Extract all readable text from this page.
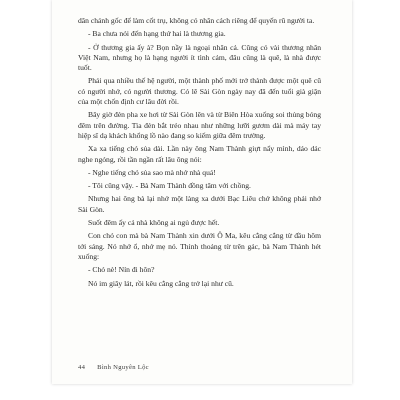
dân chánh gốc để làm cốt trụ, không có nhân cách riêng để quyến rũ người ta.

- Ba chưa nói đến hạng thứ hai là thương gia.

- Ở thương gia ấy à? Bọn nầy là ngoại nhân cả. Cũng có vài thương nhân Việt Nam, nhưng họ là hạng người ít tình cảm, đâu cũng là quê, là nhà được tuốt.

Phải qua nhiều thế hệ người, một thành phố mới trở thành được một quê cũ có người nhớ, có người thương. Có lẽ Sài Gòn ngày nay đã đến tuổi già giặn của một chốn định cư lâu đời rồi.

Bây giờ đèn pha xe hơi từ Sài Gòn lên và từ Biên Hòa xuống soi thủng bóng đêm trên đường. Tia đèn bắt tréo nhau như những lưỡi gươm dài mà máy tay hiệp sĩ dạ khách khổng lồ nào đang so kiếm giữa đêm trường.

Xa xa tiếng chó sủa dài. Lần này ông Nam Thành giựt nẩy mình, dáo dác nghe ngóng, rồi tần ngần rất lâu ông nói:

- Nghe tiếng chó sủa sao mà nhớ nhà quá!

- Tôi cũng vậy. - Bà Nam Thành đồng tâm với chồng.

Nhưng hai ông bà lại nhớ một làng xa dưới Bạc Liêu chớ không phải nhớ Sài Gòn.

Suốt đêm ấy cả nhà không ai ngủ được hết.

Con chó con mà bà Nam Thành xin dưới Ô Ma, kêu cẳng cẳng từ đầu hôm tới sáng. Nó nhớ ổ, nhớ mẹ nó. Thỉnh thoảng từ trên gác, bà Nam Thành hét xuống:

- Chó nè! Nín đi hôn?

Nó im giây lát, rồi kêu cẳng cẳng trở lại như cũ.

44 Bình Nguyên Lộc
